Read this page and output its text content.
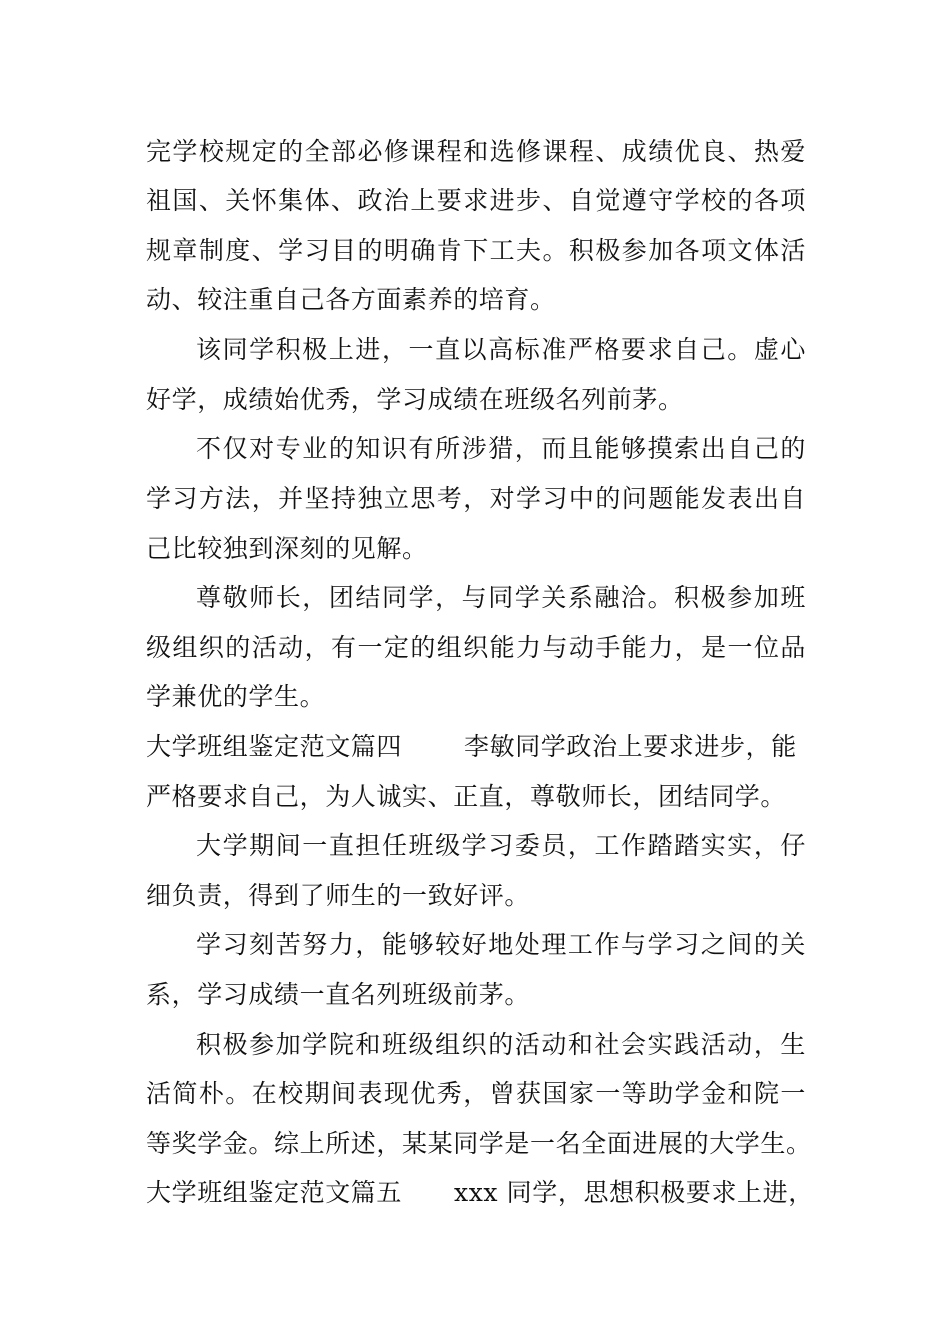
完学校规定的全部必修课程和选修课程、成绩优良、热爱
祖国、关怀集体、政治上要求进步、自觉遵守学校的各项
规章制度、学习目的明确肯下工夫。积极参加各项文体活
动、较注重自己各方面素养的培育。
该同学积极上进，一直以高标准严格要求自己。虚心
好学，成绩始优秀，学习成绩在班级名列前茅。
不仅对专业的知识有所涉猎，而且能够摸索出自己的
学习方法，并坚持独立思考，对学习中的问题能发表出自
己比较独到深刻的见解。
尊敬师长，团结同学，与同学关系融洽。积极参加班
级组织的活动，有一定的组织能力与动手能力，是一位品
学兼优的学生。
大学班组鉴定范文篇四 李敏同学政治上要求进步，能
严格要求自己，为人诚实、正直，尊敬师长，团结同学。
大学期间一直担任班级学习委员，工作踏踏实实，仔
细负责，得到了师生的一致好评。
学习刻苦努力，能够较好地处理工作与学习之间的关
系，学习成绩一直名列班级前茅。
积极参加学院和班级组织的活动和社会实践活动，生
活简朴。在校期间表现优秀，曾获国家一等助学金和院一
等奖学金。综上所述，某某同学是一名全面进展的大学生。
大学班组鉴定范文篇五 xxx 同学，思想积极要求上进，
